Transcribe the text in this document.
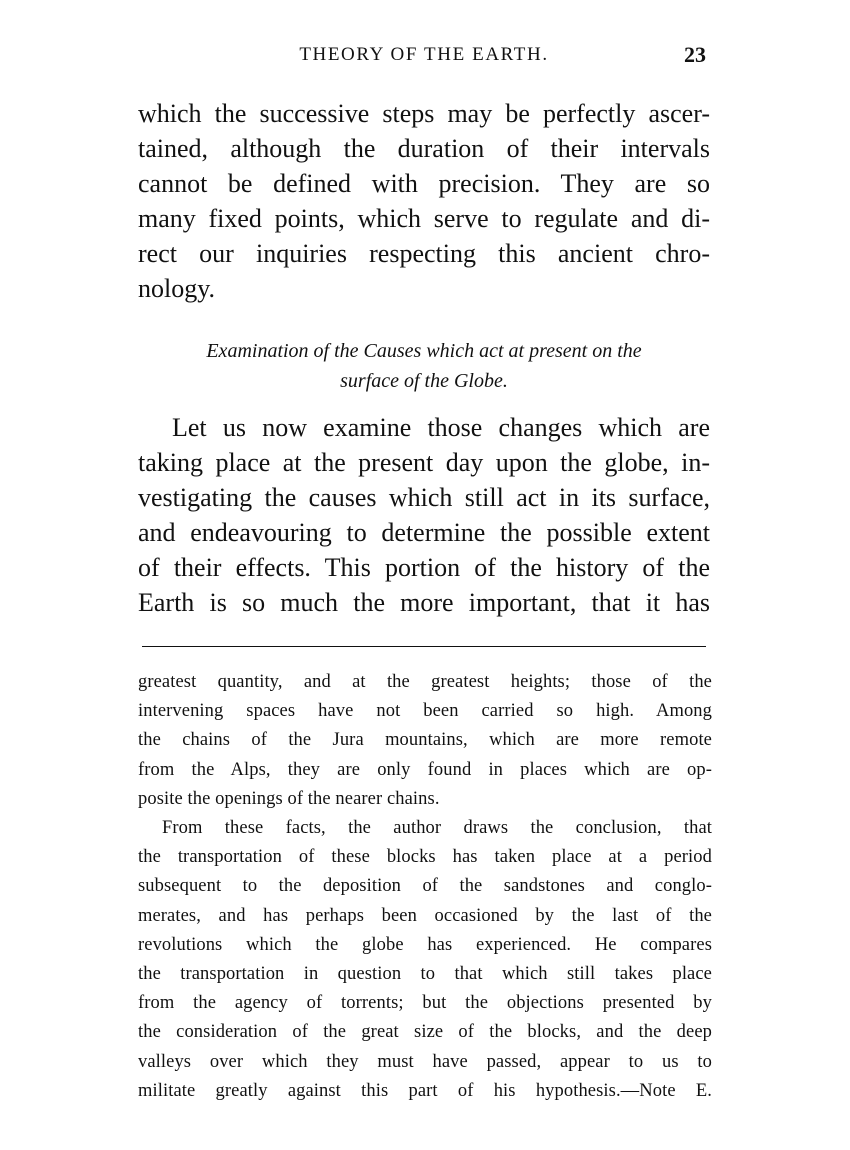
THEORY OF THE EARTH.	23
which the successive steps may be perfectly ascer-
tained, although the duration of their intervals
cannot be defined with precision. They are so
many fixed points, which serve to regulate and di-
rect our inquiries respecting this ancient chro-
nology.
Examination of the Causes which act at present on the
surface of the Globe.
Let us now examine those changes which are
taking place at the present day upon the globe, in-
vestigating the causes which still act in its surface,
and endeavouring to determine the possible extent
of their effects. This portion of the history of the
Earth is so much the more important, that it has
greatest quantity, and at the greatest heights; those of the
intervening spaces have not been carried so high. Among
the chains of the Jura mountains, which are more remote
from the Alps, they are only found in places which are op-
posite the openings of the nearer chains.
From these facts, the author draws the conclusion, that
the transportation of these blocks has taken place at a period
subsequent to the deposition of the sandstones and conglo-
merates, and has perhaps been occasioned by the last of the
revolutions which the globe has experienced. He compares
the transportation in question to that which still takes place
from the agency of torrents; but the objections presented by
the consideration of the great size of the blocks, and the deep
valleys over which they must have passed, appear to us to
militate greatly against this part of his hypothesis.—Note E.
